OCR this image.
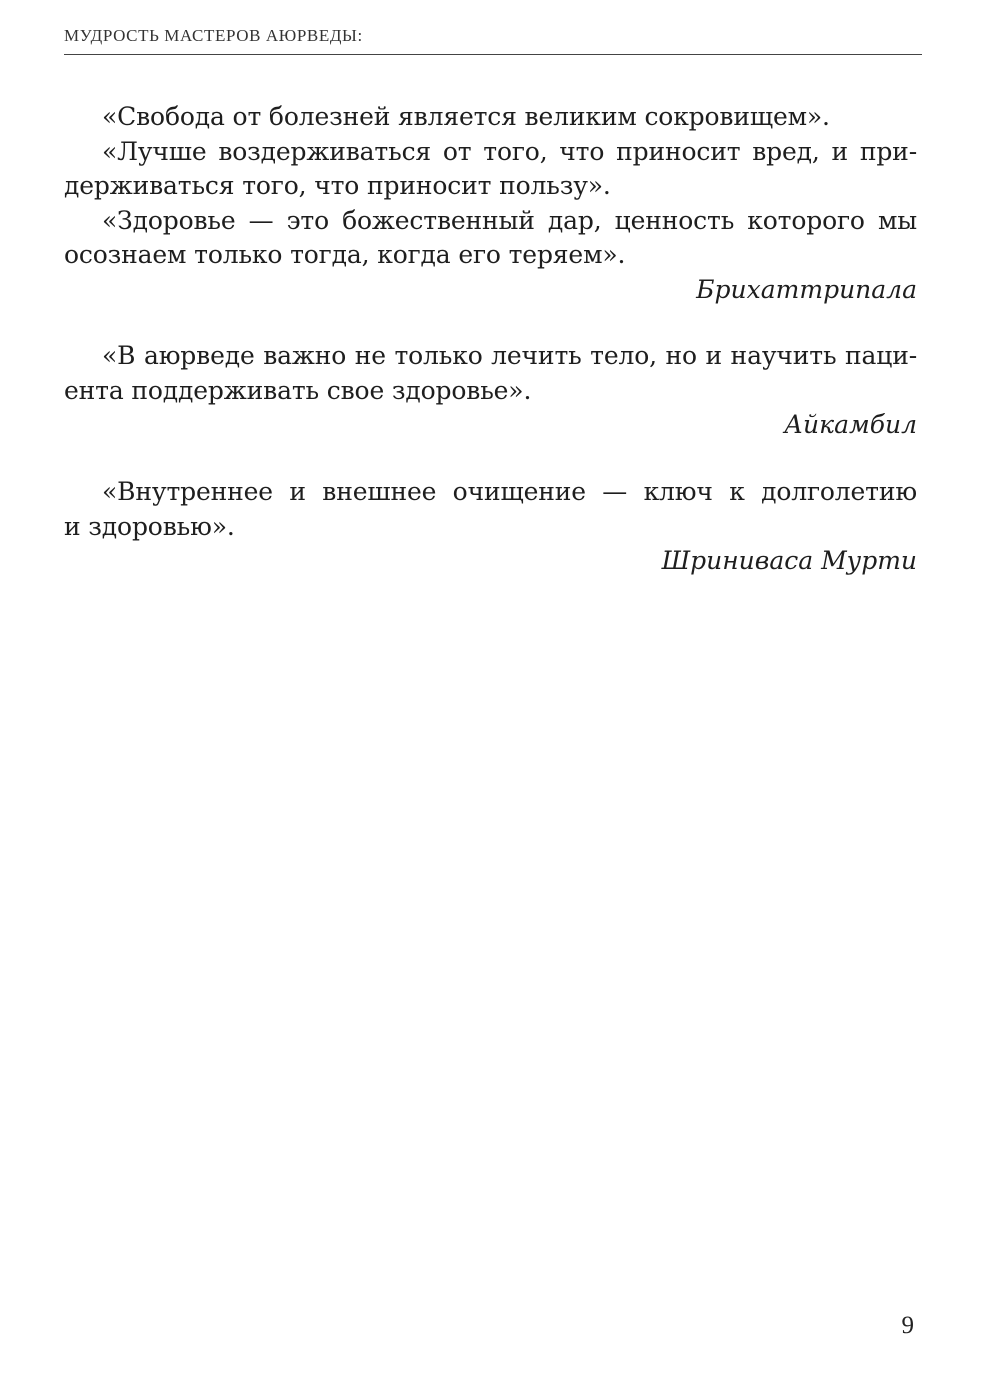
МУДРОСТЬ МАСТЕРОВ АЮРВЕДЫ:
«Свобода от болезней является великим сокровищем».
«Лучше воздерживаться от того, что приносит вред, и при-
держиваться того, что приносит пользу».
«Здоровье — это божественный дар, ценность которого мы
осознаем только тогда, когда его теряем».
Брихаттрипала
«В аюрведе важно не только лечить тело, но и научить паци-
ента поддерживать свое здоровье».
Айкамбил
«Внутреннее и внешнее очищение — ключ к долголетию
и здоровью».
Шриниваса Мурти
9
